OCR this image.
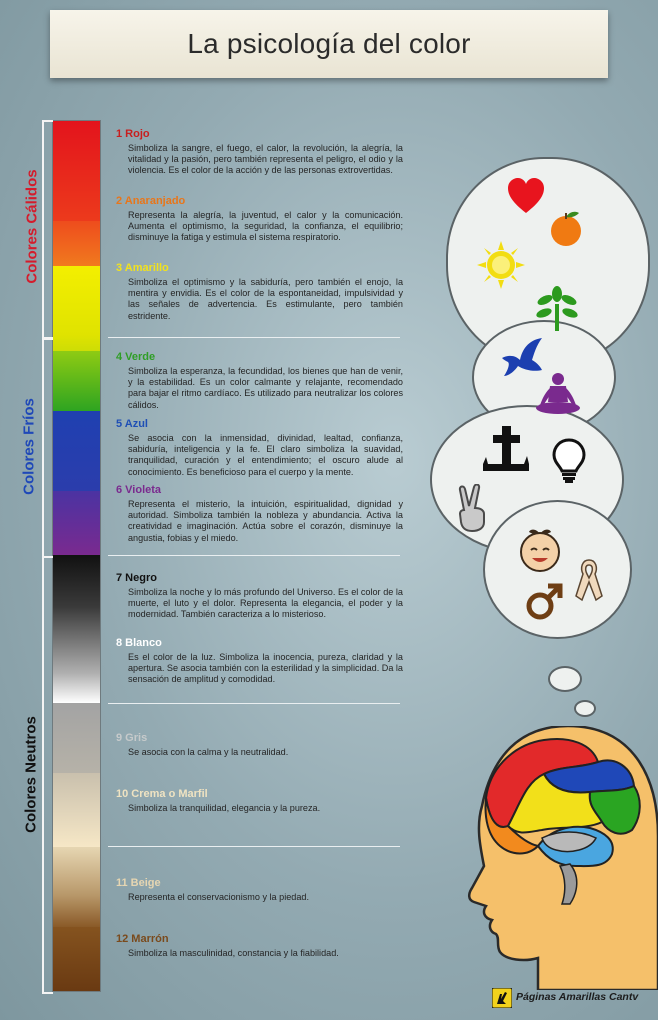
La psicología del color
Colores Cálidos
Colores Fríos
Colores Neutros
1 Rojo
Simboliza la sangre, el fuego, el calor, la revolución, la alegría, la vitalidad y la pasión, pero también representa el peligro, el odio y la violencia. Es el color de la acción y de las personas extrovertidas.
2 Anaranjado
Representa la alegría, la juventud, el calor y la comunicación. Aumenta el optimismo, la seguridad, la confianza, el equilibrio; disminuye la fatiga y estimula el sistema respiratorio.
3 Amarillo
Simboliza el optimismo y la sabiduría, pero también el enojo, la mentira y envidia. Es el color de la espontaneidad, impulsividad y las señales de advertencia. Es estimulante, pero también estridente.
4 Verde
Simboliza la esperanza, la fecundidad, los bienes que han de venir, y la estabilidad. Es un color calmante y relajante, recomendado para bajar el ritmo cardíaco. Es utilizado para neutralizar los colores cálidos.
5 Azul
Se asocia con la inmensidad, divinidad, lealtad, confianza, sabiduría, inteligencia y la fe. El claro simboliza la suavidad, tranquilidad, curación y el entendimiento; el oscuro alude al conocimiento. Es beneficioso para el cuerpo y la mente.
6 Violeta
Representa el misterio, la intuición, espiritualidad, dignidad y autoridad. Simboliza también la nobleza y abundancia. Activa la creatividad e imaginación. Actúa sobre el corazón, disminuye la angustia, fobias y el miedo.
7 Negro
Simboliza la noche y lo más profundo del Universo. Es el color de la muerte, el luto y el dolor. Representa la elegancia, el poder y la modernidad. También caracteriza a lo misterioso.
8 Blanco
Es el color de la luz. Simboliza la inocencia, pureza, claridad y la apertura. Se asocia también con la esterilidad y la simplicidad. Da la sensación de amplitud y comodidad.
9 Gris
Se asocia con la calma y la neutralidad.
10 Crema o Marfil
Simboliza la tranquilidad, elegancia y la pureza.
11 Beige
Representa el conservacionismo y la piedad.
12 Marrón
Simboliza la masculinidad, constancia y la fiabilidad.
Páginas Amarillas Cantv
